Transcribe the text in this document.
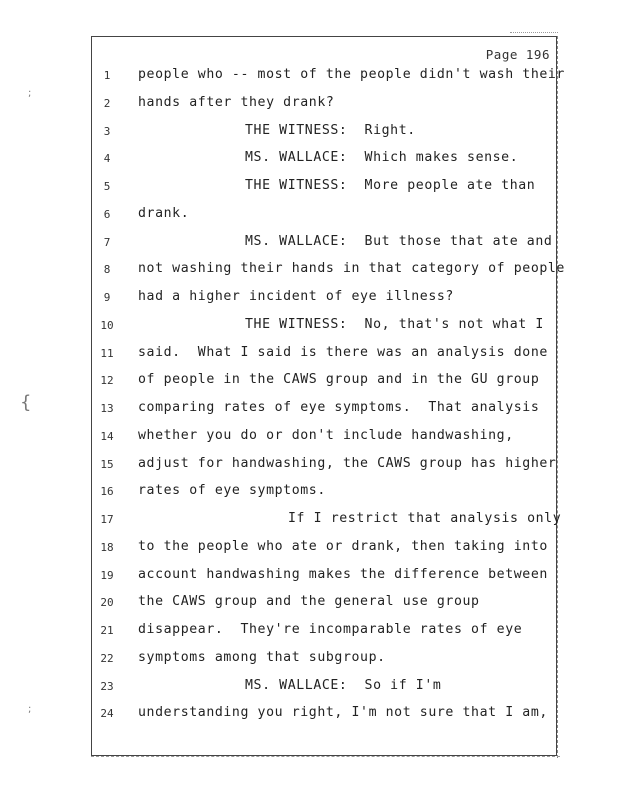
Page 196
;
{
;
1	people who -- most of the people didn't wash their
2	hands after they drank?
3	THE WITNESS:  Right.
4	MS. WALLACE:  Which makes sense.
5	THE WITNESS:  More people ate than
6	drank.
7	MS. WALLACE:  But those that ate and
8	not washing their hands in that category of people
9	had a higher incident of eye illness?
10	THE WITNESS:  No, that's not what I
11	said.  What I said is there was an analysis done
12	of people in the CAWS group and in the GU group
13	comparing rates of eye symptoms.  That analysis
14	whether you do or don't include handwashing,
15	adjust for handwashing, the CAWS group has higher
16	rates of eye symptoms.
17	If I restrict that analysis only
18	to the people who ate or drank, then taking into
19	account handwashing makes the difference between
20	the CAWS group and the general use group
21	disappear.  They're incomparable rates of eye
22	symptoms among that subgroup.
23	MS. WALLACE:  So if I'm
24	understanding you right, I'm not sure that I am,
